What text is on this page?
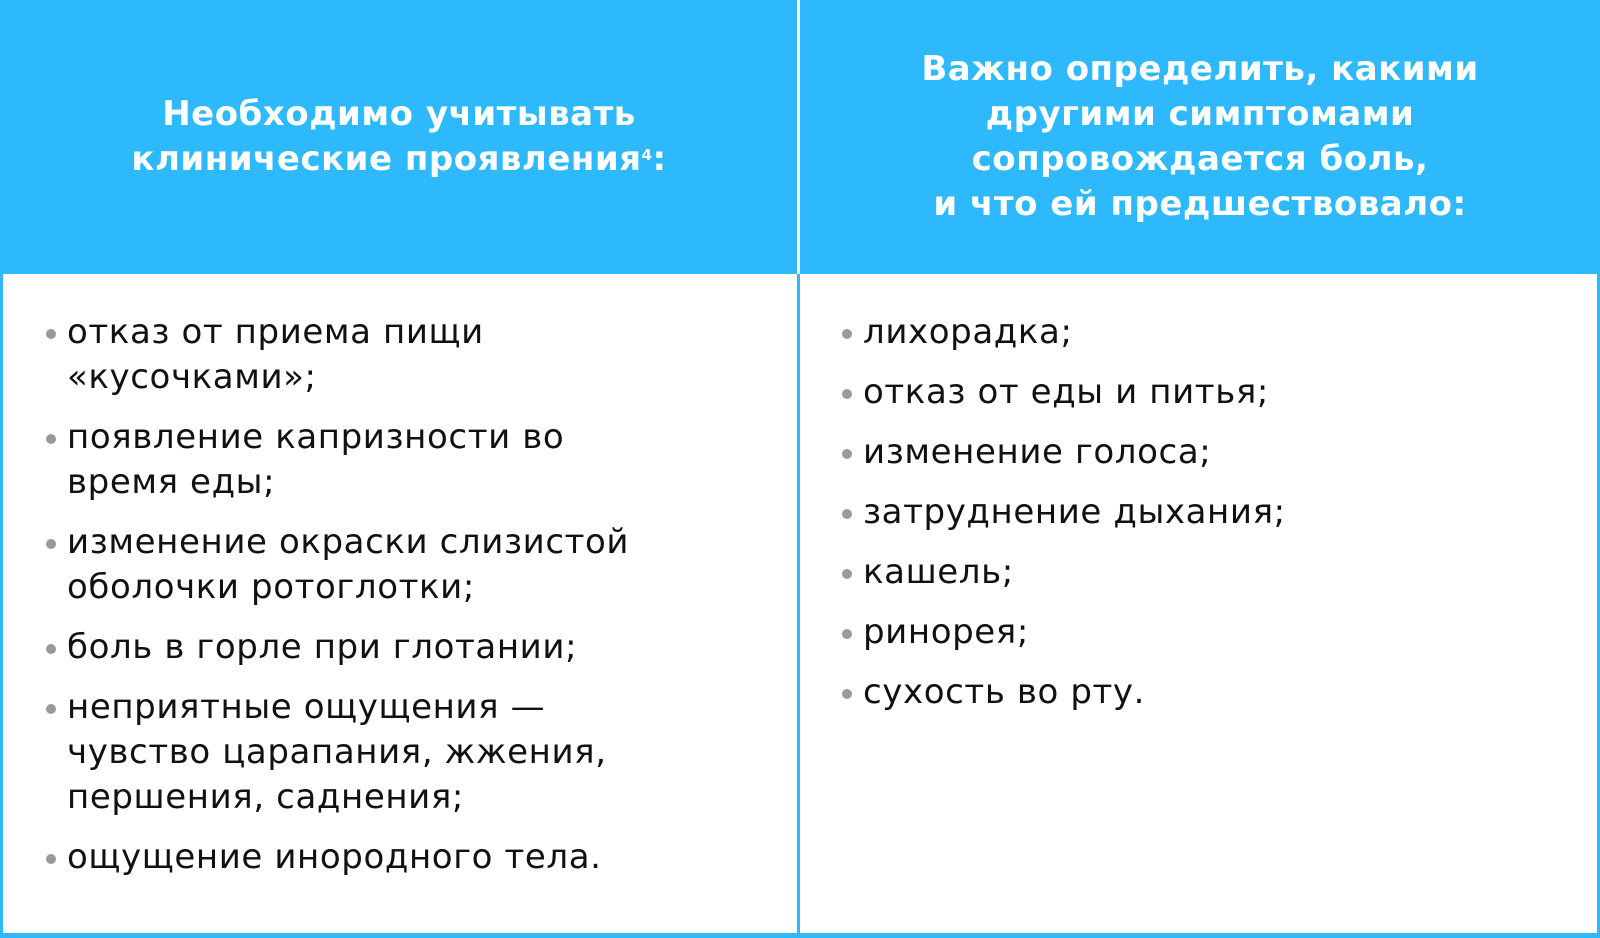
Необходимо учитывать
клинические проявления$^4$:
Важно определить, какими
другими симптомами
сопровождается боль,
и что ей предшествовало:
отказ от приема пищи «кусочками»;
появление капризности во время еды;
изменение окраски слизистой оболочки ротоглотки;
боль в горле при глотании;
неприятные ощущения — чувство царапания, жжения, першения, саднения;
ощущение инородного тела.
лихорадка;
отказ от еды и питья;
изменение голоса;
затруднение дыхания;
кашель;
ринорея;
сухость во рту.
